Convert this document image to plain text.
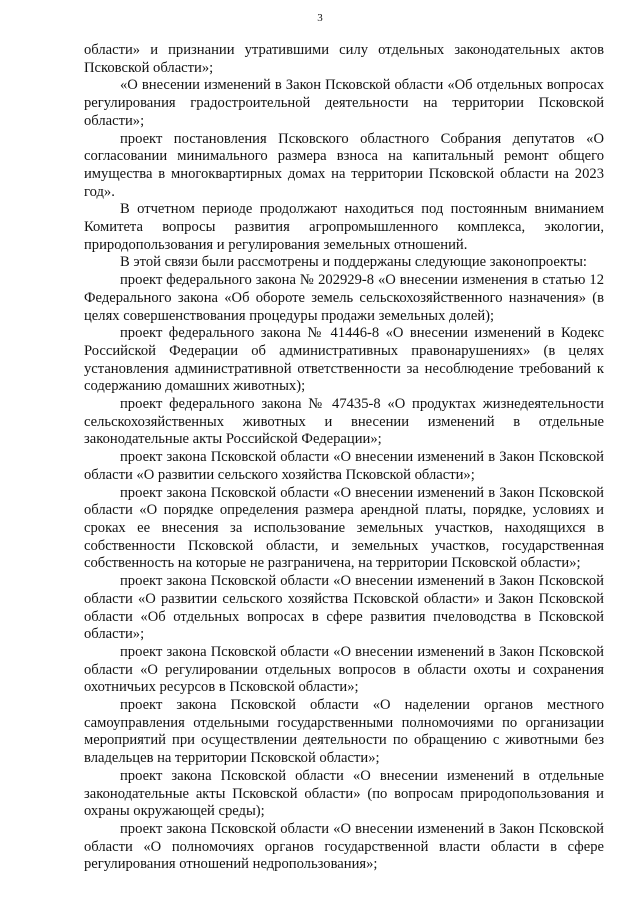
3

области» и признании утратившими силу отдельных законодательных актов Псковской области»;

«О внесении изменений в Закон Псковской области «Об отдельных вопросах регулирования градостроительной деятельности на территории Псковской области»;

проект постановления Псковского областного Собрания депутатов «О согласовании минимального размера взноса на капитальный ремонт общего имущества в многоквартирных домах на территории Псковской области на 2023 год».

В отчетном периоде продолжают находиться под постоянным вниманием Комитета вопросы развития агропромышленного комплекса, экологии, природопользования и регулирования земельных отношений.

В этой связи были рассмотрены и поддержаны следующие законопроекты:

проект федерального закона № 202929-8 «О внесении изменения в статью 12 Федерального закона «Об обороте земель сельскохозяйственного назначения» (в целях совершенствования процедуры продажи земельных долей);

проект федерального закона № 41446-8 «О внесении изменений в Кодекс Российской Федерации об административных правонарушениях» (в целях установления административной ответственности за несоблюдение требований к содержанию домашних животных);

проект федерального закона № 47435-8 «О продуктах жизнедеятельности сельскохозяйственных животных и внесении изменений в отдельные законодательные акты Российской Федерации»;

проект закона Псковской области «О внесении изменений в Закон Псковской области «О развитии сельского хозяйства Псковской области»;

проект закона Псковской области «О внесении изменений в Закон Псковской области «О порядке определения размера арендной платы, порядке, условиях и сроках ее внесения за использование земельных участков, находящихся в собственности Псковской области, и земельных участков, государственная собственность на которые не разграничена, на территории Псковской области»;

проект закона Псковской области «О внесении изменений в Закон Псковской области «О развитии сельского хозяйства Псковской области» и Закон Псковской области «Об отдельных вопросах в сфере развития пчеловодства в Псковской области»;

проект закона Псковской области «О внесении изменений в Закон Псковской области «О регулировании отдельных вопросов в области охоты и сохранения охотничьих ресурсов в Псковской области»;

проект закона Псковской области «О наделении органов местного самоуправления отдельными государственными полномочиями по организации мероприятий при осуществлении деятельности по обращению с животными без владельцев на территории Псковской области»;

проект закона Псковской области «О внесении изменений в отдельные законодательные акты Псковской области» (по вопросам природопользования и охраны окружающей среды);

проект закона Псковской области «О внесении изменений в Закон Псковской области «О полномочиях органов государственной власти области в сфере регулирования отношений недропользования»;
